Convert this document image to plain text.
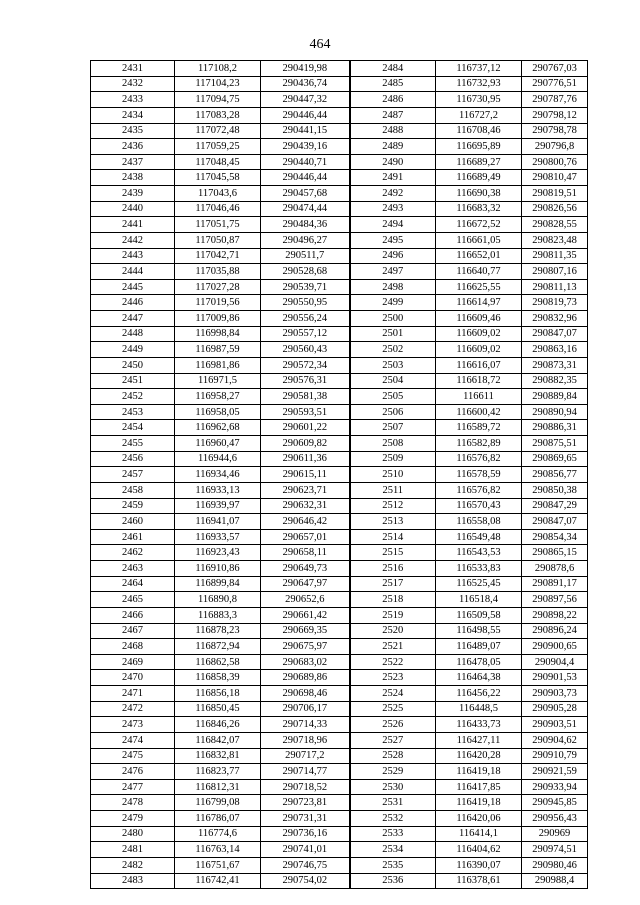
464
2431	117108,2	290419,98	2484	116737,12	290767,03
2432	117104,23	290436,74	2485	116732,93	290776,51
2433	117094,75	290447,32	2486	116730,95	290787,76
2434	117083,28	290446,44	2487	116727,2	290798,12
2435	117072,48	290441,15	2488	116708,46	290798,78
2436	117059,25	290439,16	2489	116695,89	290796,8
2437	117048,45	290440,71	2490	116689,27	290800,76
2438	117045,58	290446,44	2491	116689,49	290810,47
2439	117043,6	290457,68	2492	116690,38	290819,51
2440	117046,46	290474,44	2493	116683,32	290826,56
2441	117051,75	290484,36	2494	116672,52	290828,55
2442	117050,87	290496,27	2495	116661,05	290823,48
2443	117042,71	290511,7	2496	116652,01	290811,35
2444	117035,88	290528,68	2497	116640,77	290807,16
2445	117027,28	290539,71	2498	116625,55	290811,13
2446	117019,56	290550,95	2499	116614,97	290819,73
2447	117009,86	290556,24	2500	116609,46	290832,96
2448	116998,84	290557,12	2501	116609,02	290847,07
2449	116987,59	290560,43	2502	116609,02	290863,16
2450	116981,86	290572,34	2503	116616,07	290873,31
2451	116971,5	290576,31	2504	116618,72	290882,35
2452	116958,27	290581,38	2505	116611	290889,84
2453	116958,05	290593,51	2506	116600,42	290890,94
2454	116962,68	290601,22	2507	116589,72	290886,31
2455	116960,47	290609,82	2508	116582,89	290875,51
2456	116944,6	290611,36	2509	116576,82	290869,65
2457	116934,46	290615,11	2510	116578,59	290856,77
2458	116933,13	290623,71	2511	116576,82	290850,38
2459	116939,97	290632,31	2512	116570,43	290847,29
2460	116941,07	290646,42	2513	116558,08	290847,07
2461	116933,57	290657,01	2514	116549,48	290854,34
2462	116923,43	290658,11	2515	116543,53	290865,15
2463	116910,86	290649,73	2516	116533,83	290878,6
2464	116899,84	290647,97	2517	116525,45	290891,17
2465	116890,8	290652,6	2518	116518,4	290897,56
2466	116883,3	290661,42	2519	116509,58	290898,22
2467	116878,23	290669,35	2520	116498,55	290896,24
2468	116872,94	290675,97	2521	116489,07	290900,65
2469	116862,58	290683,02	2522	116478,05	290904,4
2470	116858,39	290689,86	2523	116464,38	290901,53
2471	116856,18	290698,46	2524	116456,22	290903,73
2472	116850,45	290706,17	2525	116448,5	290905,28
2473	116846,26	290714,33	2526	116433,73	290903,51
2474	116842,07	290718,96	2527	116427,11	290904,62
2475	116832,81	290717,2	2528	116420,28	290910,79
2476	116823,77	290714,77	2529	116419,18	290921,59
2477	116812,31	290718,52	2530	116417,85	290933,94
2478	116799,08	290723,81	2531	116419,18	290945,85
2479	116786,07	290731,31	2532	116420,06	290956,43
2480	116774,6	290736,16	2533	116414,1	290969
2481	116763,14	290741,01	2534	116404,62	290974,51
2482	116751,67	290746,75	2535	116390,07	290980,46
2483	116742,41	290754,02	2536	116378,61	290988,4
